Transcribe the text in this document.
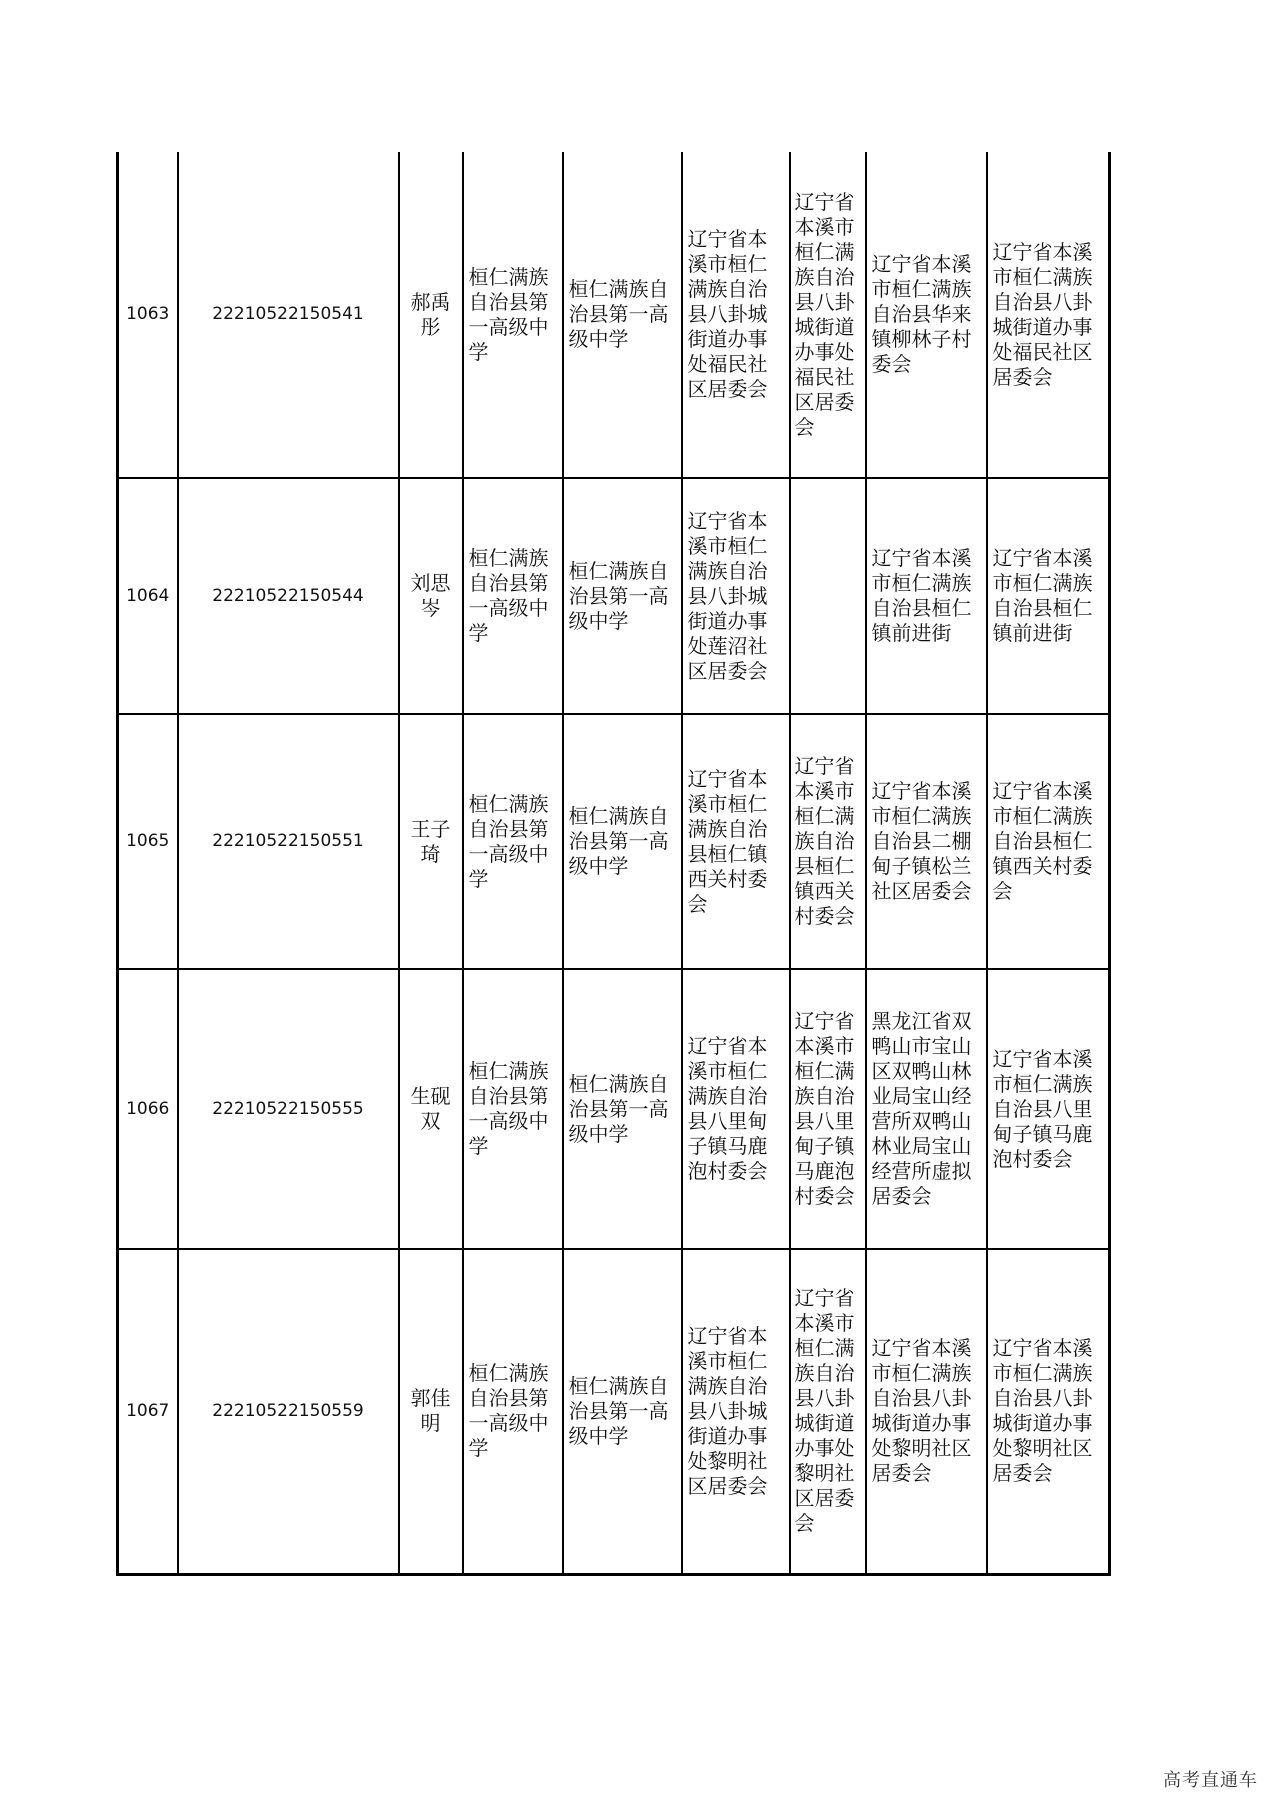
1063	22210522150541	郝禹彤	桓仁满族自治县第一高级中学	桓仁满族自治县第一高级中学	辽宁省本溪市桓仁满族自治县八卦城街道办事处福民社区居委会	辽宁省本溪市桓仁满族自治县八卦城街道办事处福民社区居委会	辽宁省本溪市桓仁满族自治县华来镇柳林子村委会	辽宁省本溪市桓仁满族自治县八卦城街道办事处福民社区居委会
1064	22210522150544	刘思岑	桓仁满族自治县第一高级中学	桓仁满族自治县第一高级中学	辽宁省本溪市桓仁满族自治县八卦城街道办事处莲沼社区居委会		辽宁省本溪市桓仁满族自治县桓仁镇前进街	辽宁省本溪市桓仁满族自治县桓仁镇前进街
1065	22210522150551	王子琦	桓仁满族自治县第一高级中学	桓仁满族自治县第一高级中学	辽宁省本溪市桓仁满族自治县桓仁镇西关村委会	辽宁省本溪市桓仁满族自治县桓仁镇西关村委会	辽宁省本溪市桓仁满族自治县二棚甸子镇松兰社区居委会	辽宁省本溪市桓仁满族自治县桓仁镇西关村委会
1066	22210522150555	生砚双	桓仁满族自治县第一高级中学	桓仁满族自治县第一高级中学	辽宁省本溪市桓仁满族自治县八里甸子镇马鹿泡村委会	辽宁省本溪市桓仁满族自治县八里甸子镇马鹿泡村委会	黑龙江省双鸭山市宝山区双鸭山林业局宝山经营所双鸭山林业局宝山经营所虚拟居委会	辽宁省本溪市桓仁满族自治县八里甸子镇马鹿泡村委会
1067	22210522150559	郭佳明	桓仁满族自治县第一高级中学	桓仁满族自治县第一高级中学	辽宁省本溪市桓仁满族自治县八卦城街道办事处黎明社区居委会	辽宁省本溪市桓仁满族自治县八卦城街道办事处黎明社区居委会	辽宁省本溪市桓仁满族自治县八卦城街道办事处黎明社区居委会	辽宁省本溪市桓仁满族自治县八卦城街道办事处黎明社区居委会
高考直通车
